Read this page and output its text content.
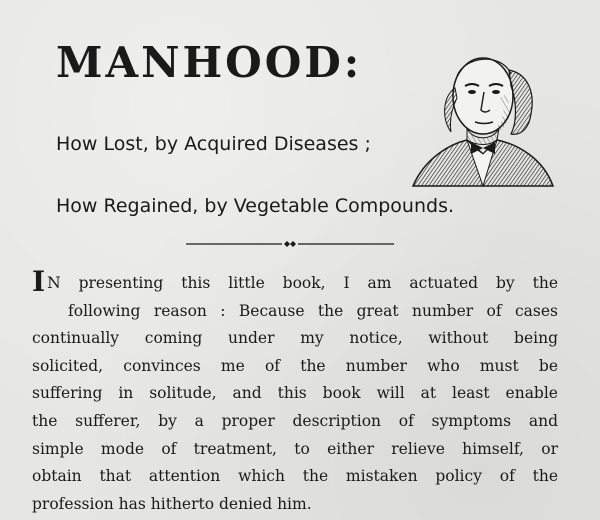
MANHOOD:

How Lost, by Acquired Diseases ;

How Regained, by Vegetable Compounds.

I N presenting this little book, I am actuated by the
following reason : Because the great number of cases
continually coming under my notice, without being
solicited, convinces me of the number who must be
suffering in solitude, and this book will at least enable
the sufferer, by a proper description of symptoms and
simple mode of treatment, to either relieve himself, or
obtain that attention which the mistaken policy of the
profession has hitherto denied him.
